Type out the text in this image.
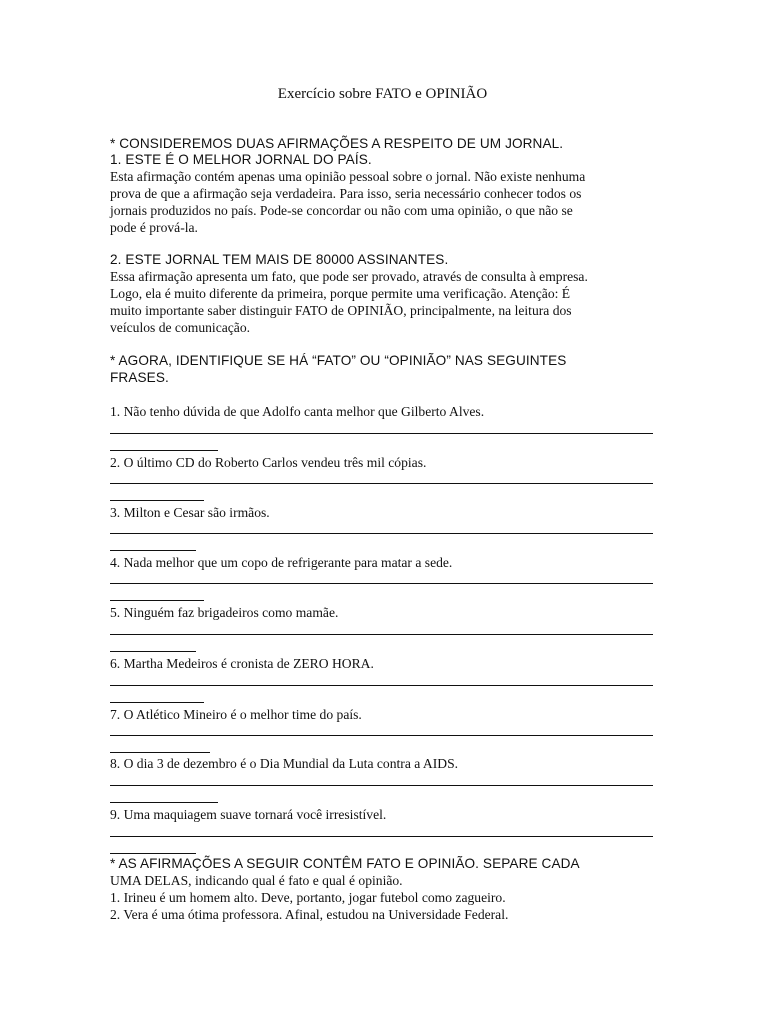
Exercício sobre FATO e OPINIÃO
* CONSIDEREMOS DUAS AFIRMAÇÕES A RESPEITO DE UM JORNAL.
1. ESTE É O MELHOR JORNAL DO PAÍS.
Esta afirmação contém apenas uma opinião pessoal sobre o jornal. Não existe nenhuma
prova de que a afirmação seja verdadeira. Para isso, seria necessário conhecer todos os
jornais produzidos no país. Pode-se concordar ou não com uma opinião, o que não se
pode é prová-la.
2. ESTE JORNAL TEM MAIS DE 80000 ASSINANTES.
Essa afirmação apresenta um fato, que pode ser provado, através de consulta à empresa.
Logo, ela é muito diferente da primeira, porque permite uma verificação. Atenção: É
muito importante saber distinguir FATO de OPINIÃO, principalmente, na leitura dos
veículos de comunicação.
* AGORA, IDENTIFIQUE SE HÁ “FATO” OU “OPINIÃO” NAS SEGUINTES
FRASES.
1. Não tenho dúvida de que Adolfo canta melhor que Gilberto Alves.
2. O último CD do Roberto Carlos vendeu três mil cópias.
3. Milton e Cesar são irmãos.
4. Nada melhor que um copo de refrigerante para matar a sede.
5. Ninguém faz brigadeiros como mamãe.
6. Martha Medeiros é cronista de ZERO HORA.
7. O Atlético Mineiro é o melhor time do país.
8. O dia 3 de dezembro é o Dia Mundial da Luta contra a AIDS.
9. Uma maquiagem suave tornará você irresistível.
* AS AFIRMAÇÕES A SEGUIR CONTÊM FATO E OPINIÃO. SEPARE CADA
UMA DELAS, indicando qual é fato e qual é opinião.
1. Irineu é um homem alto. Deve, portanto, jogar futebol como zagueiro.
2. Vera é uma ótima professora. Afinal, estudou na Universidade Federal.
